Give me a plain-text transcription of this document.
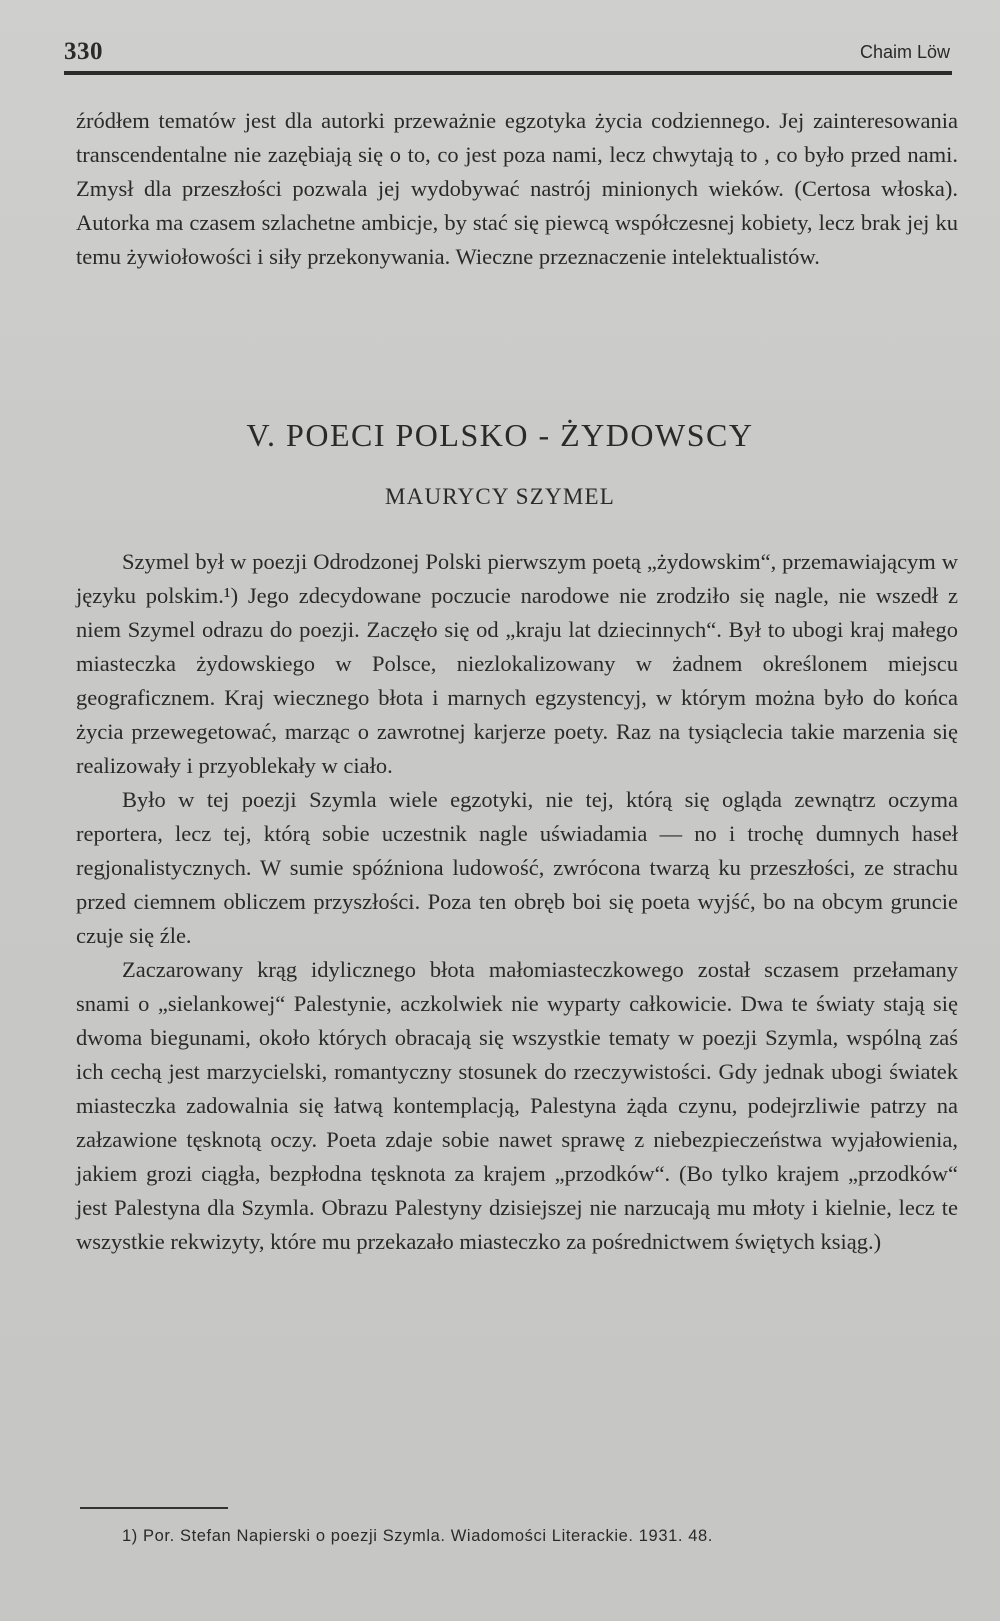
330	Chaim Löw

źródłem tematów jest dla autorki przeważnie egzotyka życia codziennego. Jej zainteresowania transcendentalne nie zazębiają się o to, co jest poza nami, lecz chwytają to , co było przed nami. Zmysł dla przeszłości pozwala jej wydobywać nastrój minionych wieków. (Certosa włoska). Autorka ma czasem szlachetne ambicje, by stać się piewcą współczesnej kobiety, lecz brak jej ku temu żywiołowości i siły przekonywania. Wieczne przeznaczenie intelektualistów.

V. POECI POLSKO - ŻYDOWSCY
MAURYCY SZYMEL

Szymel był w poezji Odrodzonej Polski pierwszym poetą „żydowskim“, przemawiającym w języku polskim.¹) Jego zdecydowane poczucie narodowe nie zrodziło się nagle, nie wszedł z niem Szymel odrazu do poezji. Zaczęło się od „kraju lat dziecinnych“. Był to ubogi kraj małego miasteczka żydowskiego w Polsce, niezlokalizowany w żadnem określonem miejscu geograficznem. Kraj wiecznego błota i marnych egzystencyj, w którym można było do końca życia przewegetować, marząc o zawrotnej karjerze poety. Raz na tysiąclecia takie marzenia się realizowały i przyoblekały w ciało.

Było w tej poezji Szymla wiele egzotyki, nie tej, którą się ogląda zewnątrz oczyma reportera, lecz tej, którą sobie uczestnik nagle uświadamia — no i trochę dumnych haseł regjonalistycznych. W sumie spóźniona ludowość, zwrócona twarzą ku przeszłości, ze strachu przed ciemnem obliczem przyszłości. Poza ten obręb boi się poeta wyjść, bo na obcym gruncie czuje się źle.

Zaczarowany krąg idylicznego błota małomiasteczkowego został sczasem przełamany snami o „sielankowej“ Palestynie, aczkolwiek nie wyparty całkowicie. Dwa te światy stają się dwoma biegunami, około których obracają się wszystkie tematy w poezji Szymla, wspólną zaś ich cechą jest marzycielski, romantyczny stosunek do rzeczywistości. Gdy jednak ubogi światek miasteczka zadowalnia się łatwą kontemplacją, Palestyna żąda czynu, podejrzliwie patrzy na załzawione tęsknotą oczy. Poeta zdaje sobie nawet sprawę z niebezpieczeństwa wyjałowienia, jakiem grozi ciągła, bezpłodna tęsknota za krajem „przodków“. (Bo tylko krajem „przodków“ jest Palestyna dla Szymla. Obrazu Palestyny dzisiejszej nie narzucają mu młoty i kielnie, lecz te wszystkie rekwizyty, które mu przekazało miasteczko za pośrednictwem świętych ksiąg.)

1) Por. Stefan Napierski o poezji Szymla. Wiadomości Literackie. 1931. 48.
